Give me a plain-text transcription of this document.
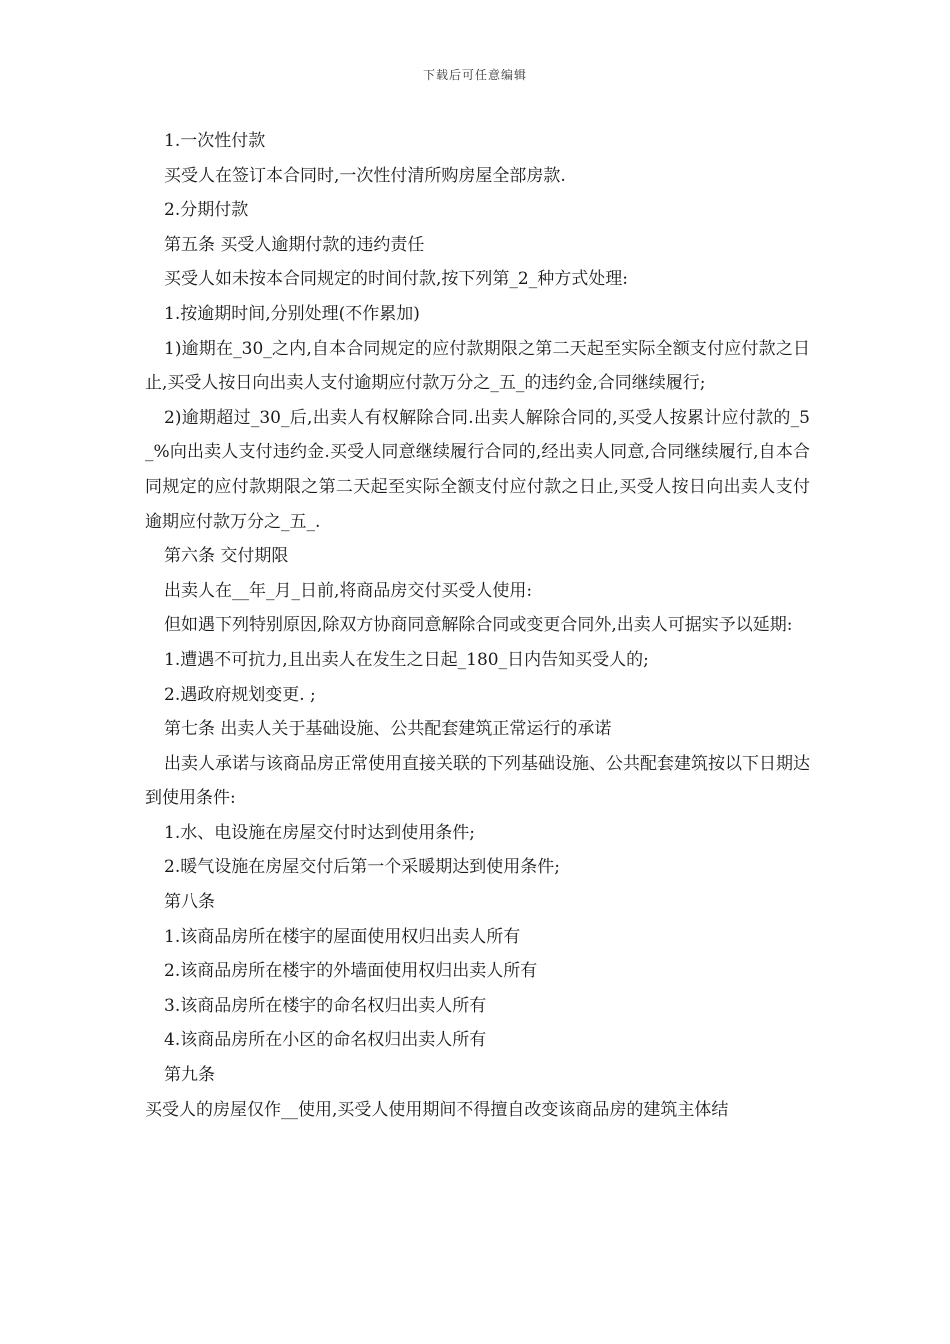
下载后可任意编辑

1.一次性付款

买受人在签订本合同时,一次性付清所购房屋全部房款.

2.分期付款

第五条 买受人逾期付款的违约责任

买受人如未按本合同规定的时间付款,按下列第_2_种方式处理:

1.按逾期时间,分别处理(不作累加)

1)逾期在_30_之内,自本合同规定的应付款期限之第二天起至实际全额支付应付款之日止,买受人按日向出卖人支付逾期应付款万分之_五_的违约金,合同继续履行;

2)逾期超过_30_后,出卖人有权解除合同.出卖人解除合同的,买受人按累计应付款的_5_%向出卖人支付违约金.买受人同意继续履行合同的,经出卖人同意,合同继续履行,自本合同规定的应付款期限之第二天起至实际全额支付应付款之日止,买受人按日向出卖人支付逾期应付款万分之_五_.

第六条 交付期限

出卖人在__年_月_日前,将商品房交付买受人使用:

但如遇下列特别原因,除双方协商同意解除合同或变更合同外,出卖人可据实予以延期:

1.遭遇不可抗力,且出卖人在发生之日起_180_日内告知买受人的;

2.遇政府规划变更. ;

第七条 出卖人关于基础设施、公共配套建筑正常运行的承诺

出卖人承诺与该商品房正常使用直接关联的下列基础设施、公共配套建筑按以下日期达到使用条件:

1.水、电设施在房屋交付时达到使用条件;

2.暖气设施在房屋交付后第一个采暖期达到使用条件;

第八条

1.该商品房所在楼宇的屋面使用权归出卖人所有

2.该商品房所在楼宇的外墙面使用权归出卖人所有

3.该商品房所在楼宇的命名权归出卖人所有

4.该商品房所在小区的命名权归出卖人所有

第九条

买受人的房屋仅作__使用,买受人使用期间不得擅自改变该商品房的建筑主体结
